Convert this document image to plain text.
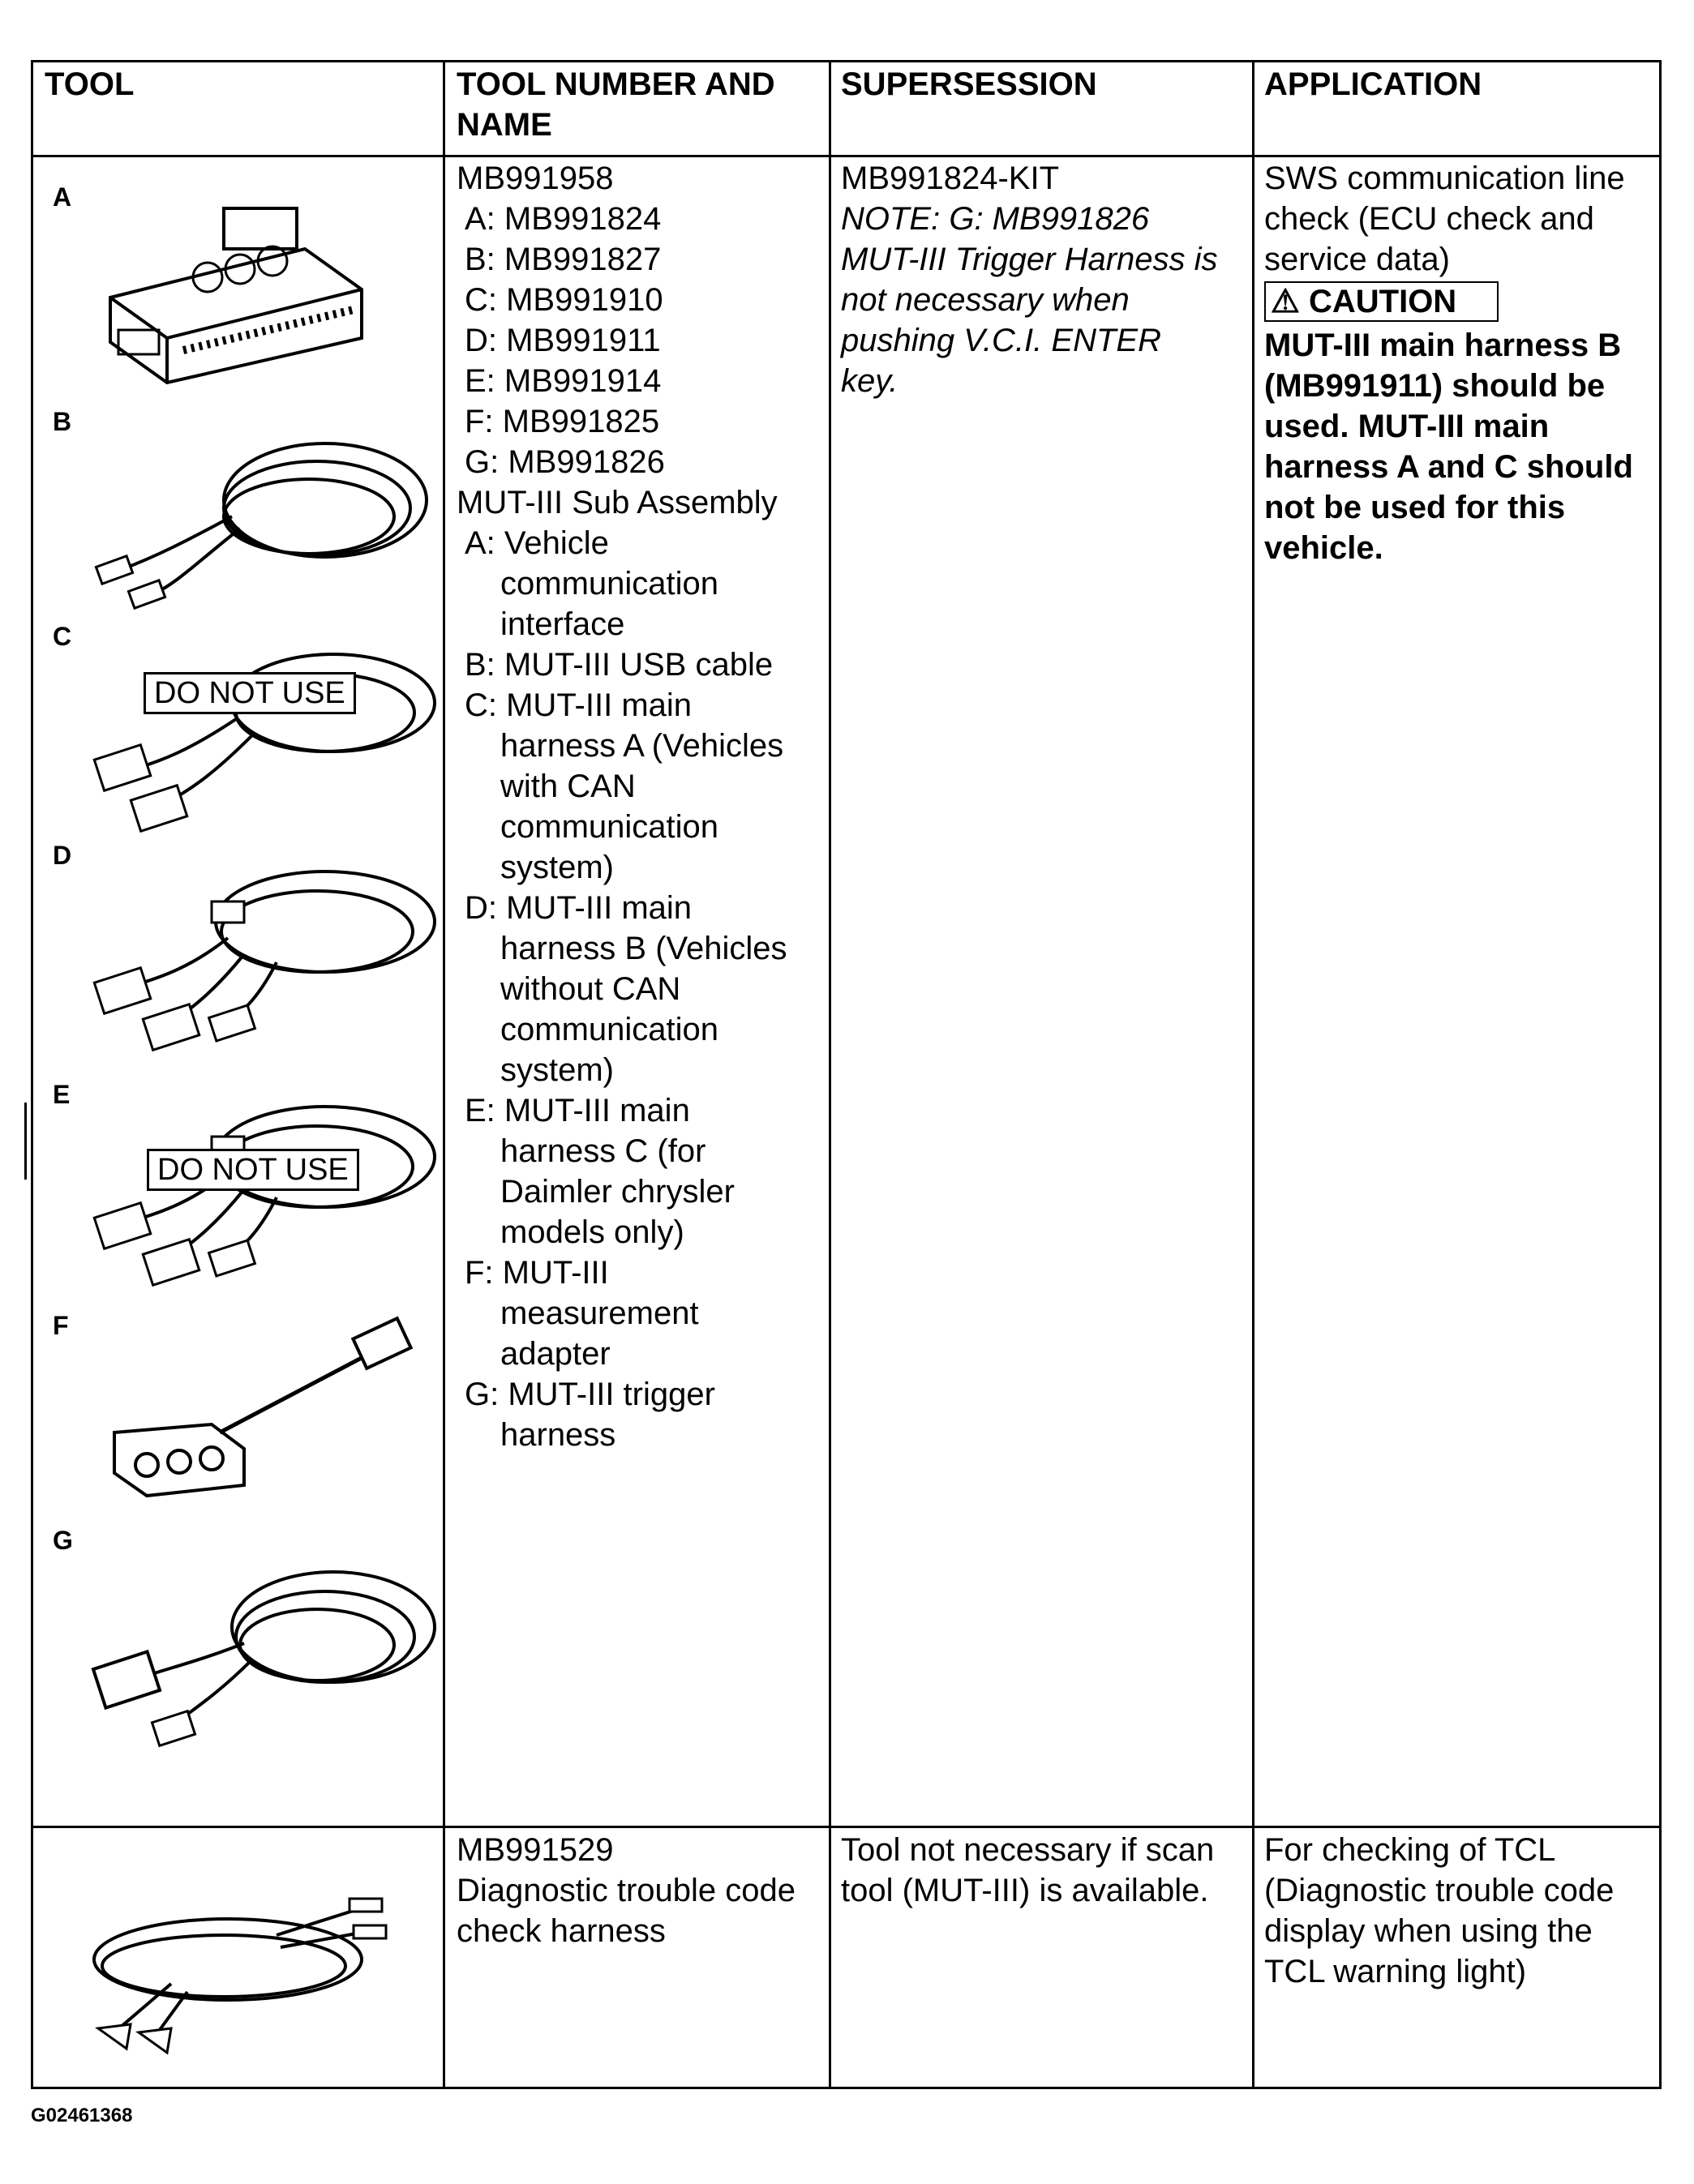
TOOL	TOOL NUMBER AND NAME
SUPERSESSION	APPLICATION
A
B
C
DO NOT USE
D
E
DO NOT USE
F
G
MB991958
A: MB991824
B: MB991827
C: MB991910
D: MB991911
E: MB991914
F: MB991825
G: MB991826
MUT-III Sub Assembly
A: Vehicle
communication
interface
B: MUT-III USB cable
C: MUT-III main
harness A (Vehicles
with CAN
communication
system)
D: MUT-III main
harness B (Vehicles
without CAN
communication
system)
E: MUT-III main
harness C (for
Daimler chrysler
models only)
F: MUT-III
measurement
adapter
G: MUT-III trigger
harness
MB991824-KIT
NOTE: G: MB991826
MUT-III Trigger Harness is
not necessary when
pushing V.C.I. ENTER
key.
SWS communication line
check (ECU check and
service data)
⚠ CAUTION
MUT-III main harness B
(MB991911) should be
used. MUT-III main
harness A and C should
not be used for this
vehicle.
MB991529
Diagnostic trouble code
check harness
Tool not necessary if scan
tool (MUT-III) is available.
For checking of TCL
(Diagnostic trouble code
display when using the
TCL warning light)
G02461368
